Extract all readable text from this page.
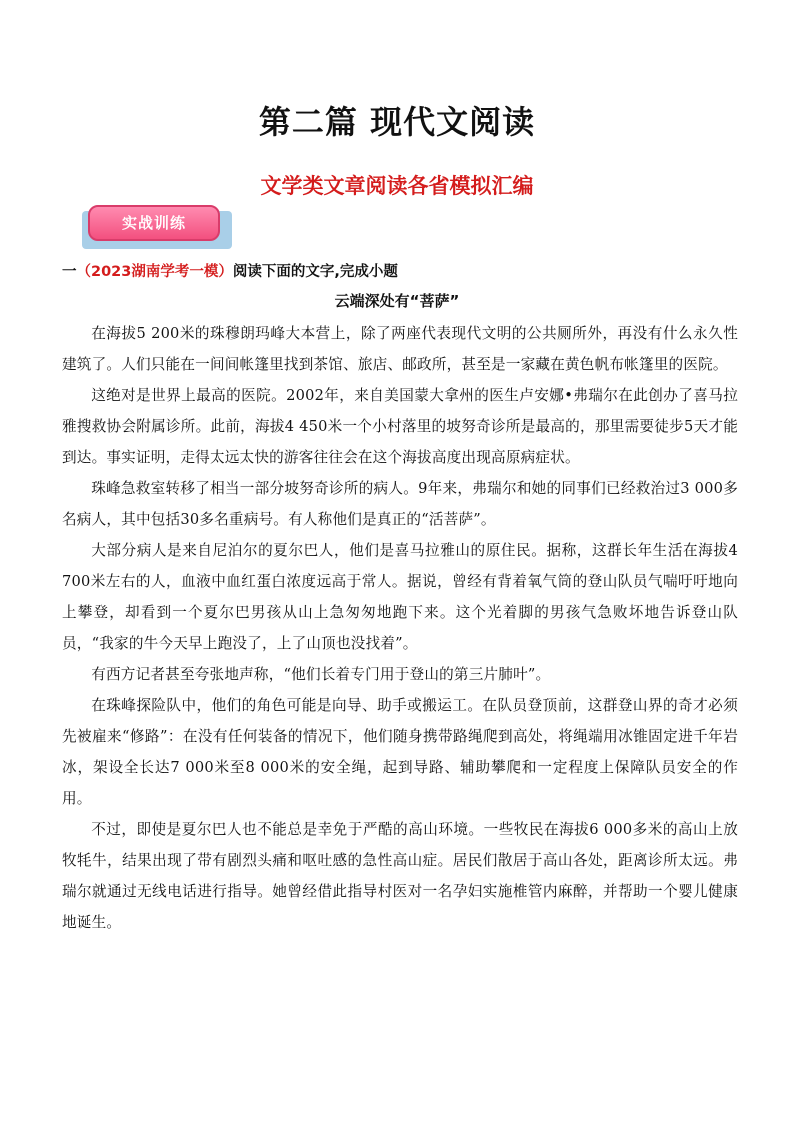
第二篇 现代文阅读
文学类文章阅读各省模拟汇编
实战训练
一（2023湖南学考一模）阅读下面的文字,完成小题
云端深处有“菩萨”

在海拔5 200米的珠穆朗玛峰大本营上，除了两座代表现代文明的公共厕所外，再没有什么永久性建筑了。人们只能在一间间帐篷里找到茶馆、旅店、邮政所，甚至是一家藏在黄色帆布帐篷里的医院。

这绝对是世界上最高的医院。2002年，来自美国蒙大拿州的医生卢安娜•弗瑞尔在此创办了喜马拉雅搜救协会附属诊所。此前，海拔4 450米一个小村落里的坡努奇诊所是最高的，那里需要徒步5天才能到达。事实证明，走得太远太快的游客往往会在这个海拔高度出现高原病症状。

珠峰急救室转移了相当一部分坡努奇诊所的病人。9年来，弗瑞尔和她的同事们已经救治过3 000多名病人，其中包括30多名重病号。有人称他们是真正的“活菩萨”。

大部分病人是来自尼泊尔的夏尔巴人，他们是喜马拉雅山的原住民。据称，这群长年生活在海拔4 700米左右的人，血液中血红蛋白浓度远高于常人。据说，曾经有背着氧气筒的登山队员气喘吁吁地向上攀登，却看到一个夏尔巴男孩从山上急匆匆地跑下来。这个光着脚的男孩气急败坏地告诉登山队员，“我家的牛今天早上跑没了，上了山顶也没找着”。

有西方记者甚至夸张地声称，“他们长着专门用于登山的第三片肺叶”。

在珠峰探险队中，他们的角色可能是向导、助手或搬运工。在队员登顶前，这群登山界的奇才必须先被雇来“修路”：在没有任何装备的情况下，他们随身携带路绳爬到高处，将绳端用冰锥固定进千年岩冰，架设全长达7 000米至8 000米的安全绳，起到导路、辅助攀爬和一定程度上保障队员安全的作用。

不过，即使是夏尔巴人也不能总是幸免于严酷的高山环境。一些牧民在海拔6 000多米的高山上放牧牦牛，结果出现了带有剧烈头痛和呕吐感的急性高山症。居民们散居于高山各处，距离诊所太远。弗瑞尔就通过无线电话进行指导。她曾经借此指导村医对一名孕妇实施椎管内麻醉，并帮助一个婴儿健康地诞生。
